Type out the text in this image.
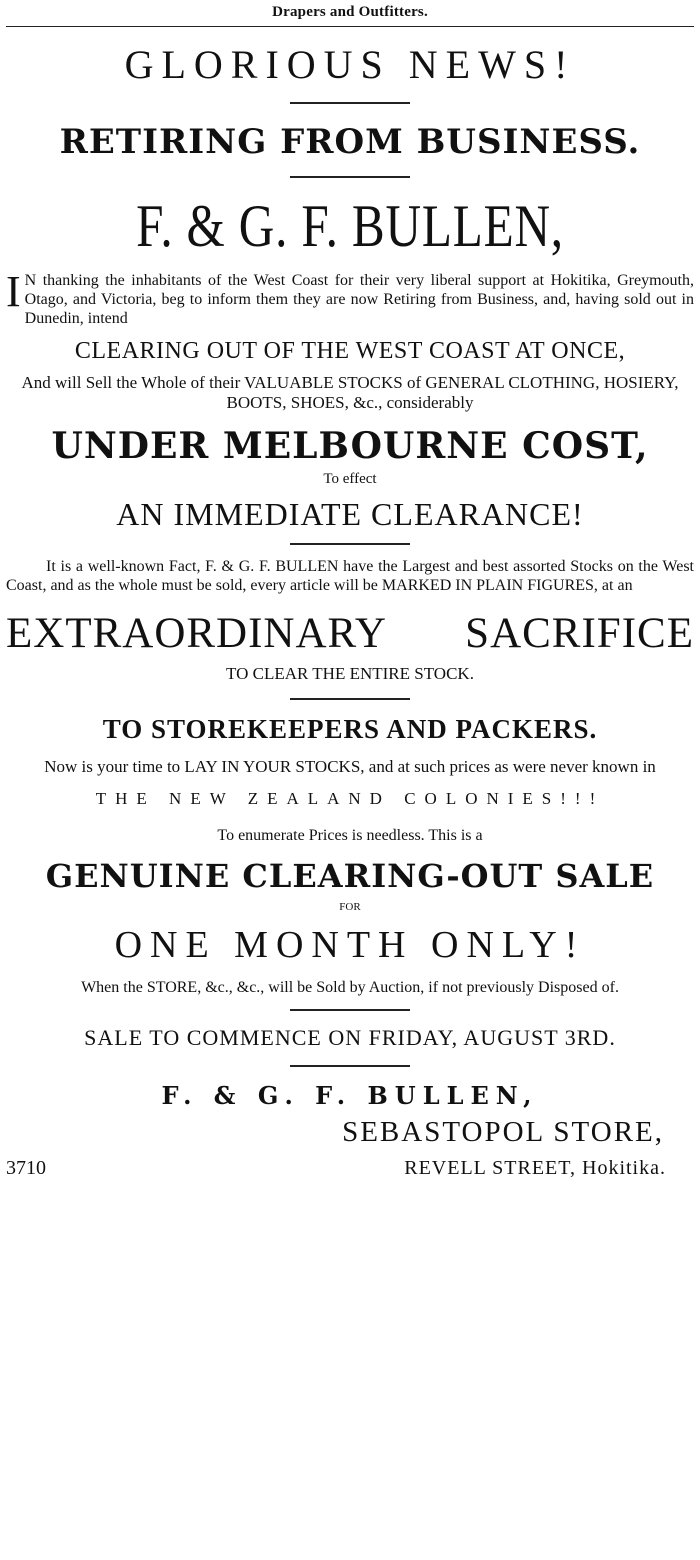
Drapers and Outfitters.
GLORIOUS NEWS!
RETIRING FROM BUSINESS.
F. & G. F. BULLEN,
I N thanking the inhabitants of the West Coast for their very liberal support at Hokitika, Greymouth, Otago, and Victoria, beg to inform them they are now Retiring from Business, and, having sold out in Dunedin, intend
CLEARING OUT OF THE WEST COAST AT ONCE,
And will Sell the Whole of their VALUABLE STOCKS of GENERAL CLOTHING, HOSIERY, BOOTS, SHOES, &c., considerably
UNDER MELBOURNE COST,
To effect
AN IMMEDIATE CLEARANCE!
It is a well-known Fact, F. & G. F. BULLEN have the Largest and best assorted Stocks on the West Coast, and as the whole must be sold, every article will be MARKED IN PLAIN FIGURES, at an
EXTRAORDINARY SACRIFICE
TO CLEAR THE ENTIRE STOCK.
TO STOREKEEPERS AND PACKERS.
Now is your time to LAY IN YOUR STOCKS, and at such prices as were never known in
THE NEW ZEALAND COLONIES!!!
To enumerate Prices is needless. This is a
GENUINE CLEARING-OUT SALE
FOR
ONE MONTH ONLY!
When the STORE, &c., &c., will be Sold by Auction, if not previously Disposed of.
SALE TO COMMENCE ON FRIDAY, AUGUST 3RD.
F. & G. F. BULLEN,
SEBASTOPOL STORE,
3710	REVELL STREET, Hokitika.
